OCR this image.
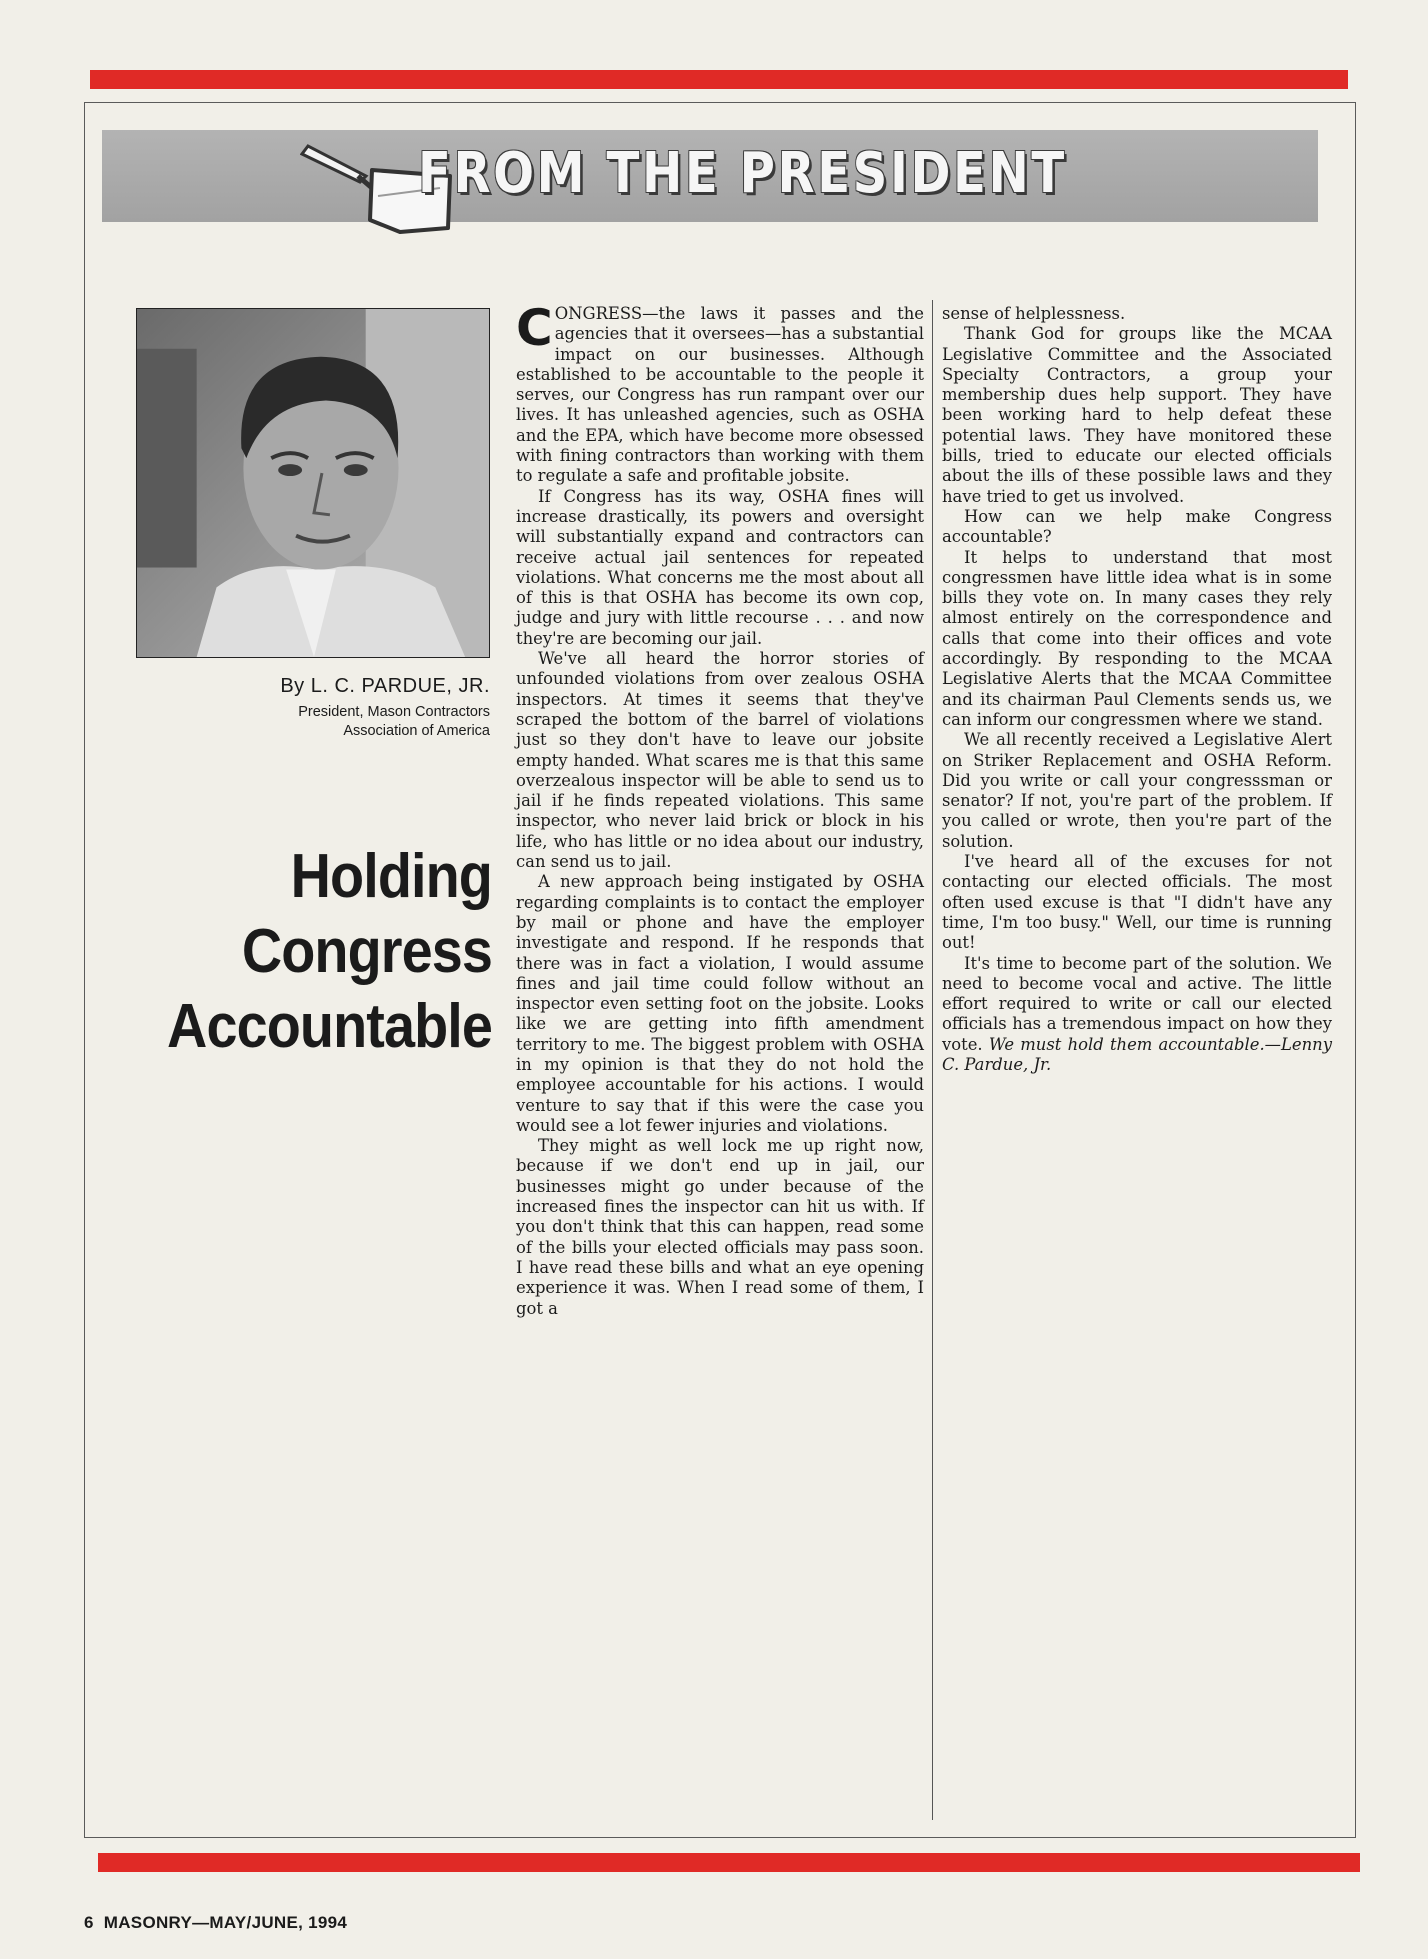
FROM THE PRESIDENT
By L. C. PARDUE, JR.
President, Mason Contractors
Association of America
Holding
Congress
Accountable

CONGRESS—the laws it passes and the agencies that it oversees—has a substantial impact on our businesses. Although established to be accountable to the people it serves, our Congress has run rampant over our lives. It has unleashed agencies, such as OSHA and the EPA, which have become more obsessed with fining contractors than working with them to regulate a safe and profitable jobsite.

If Congress has its way, OSHA fines will increase drastically, its powers and oversight will substantially expand and contractors can receive actual jail sentences for repeated violations. What concerns me the most about all of this is that OSHA has become its own cop, judge and jury with little recourse . . . and now they're are becoming our jail.

We've all heard the horror stories of unfounded violations from over zealous OSHA inspectors. At times it seems that they've scraped the bottom of the barrel of violations just so they don't have to leave our jobsite empty handed. What scares me is that this same overzealous inspector will be able to send us to jail if he finds repeated violations. This same inspector, who never laid brick or block in his life, who has little or no idea about our industry, can send us to jail.

A new approach being instigated by OSHA regarding complaints is to contact the employer by mail or phone and have the employer investigate and respond. If he responds that there was in fact a violation, I would assume fines and jail time could follow without an inspector even setting foot on the jobsite. Looks like we are getting into fifth amendment territory to me. The biggest problem with OSHA in my opinion is that they do not hold the employee accountable for his actions. I would venture to say that if this were the case you would see a lot fewer injuries and violations.

They might as well lock me up right now, because if we don't end up in jail, our businesses might go under because of the increased fines the inspector can hit us with. If you don't think that this can happen, read some of the bills your elected officials may pass soon. I have read these bills and what an eye opening experience it was. When I read some of them, I got a

sense of helplessness.

Thank God for groups like the MCAA Legislative Committee and the Associated Specialty Contractors, a group your membership dues help support. They have been working hard to help defeat these potential laws. They have monitored these bills, tried to educate our elected officials about the ills of these possible laws and they have tried to get us involved.

How can we help make Congress accountable?

It helps to understand that most congressmen have little idea what is in some bills they vote on. In many cases they rely almost entirely on the correspondence and calls that come into their offices and vote accordingly. By responding to the MCAA Legislative Alerts that the MCAA Committee and its chairman Paul Clements sends us, we can inform our congressmen where we stand.

We all recently received a Legislative Alert on Striker Replacement and OSHA Reform. Did you write or call your congresssman or senator? If not, you're part of the problem. If you called or wrote, then you're part of the solution.

I've heard all of the excuses for not contacting our elected officials. The most often used excuse is that "I didn't have any time, I'm too busy." Well, our time is running out!

It's time to become part of the solution. We need to become vocal and active. The little effort required to write or call our elected officials has a tremendous impact on how they vote. We must hold them accountable.—Lenny C. Pardue, Jr.

6 MASONRY—MAY/JUNE, 1994
